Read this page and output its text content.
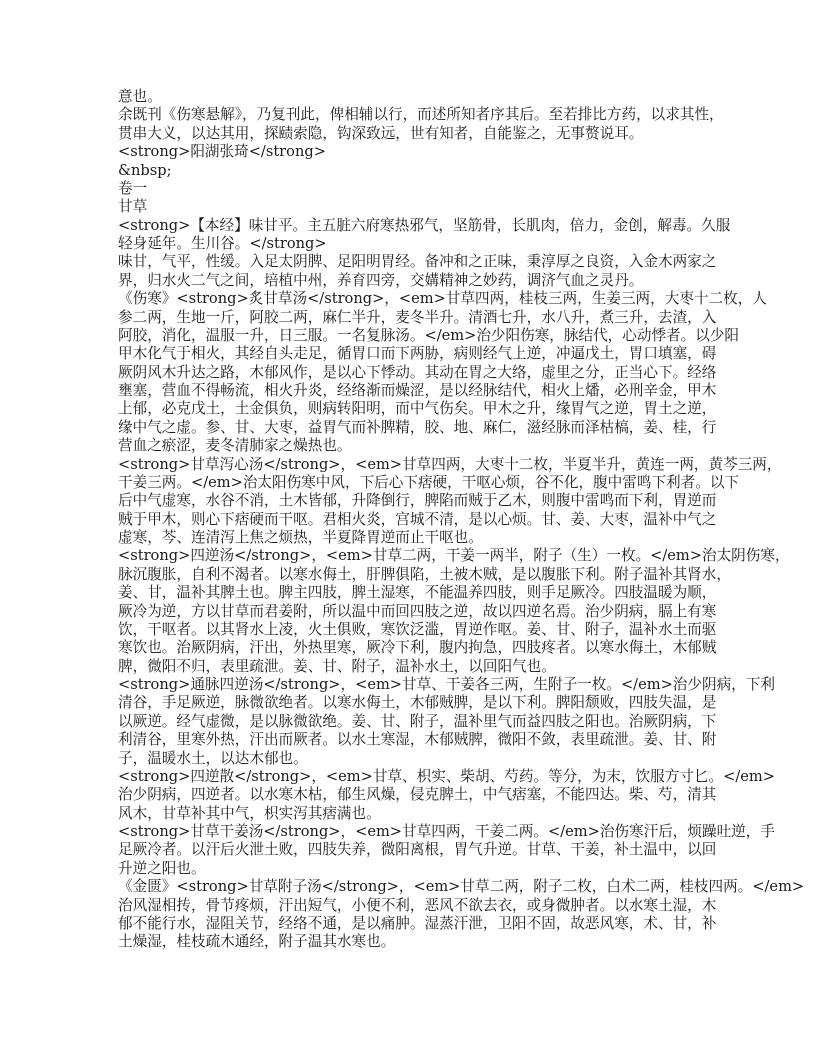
意也。
余既刊《伤寒悬解》，乃复刊此，俾相辅以行，而述所知者序其后。至若排比方药，以求其性，
贯串大义，以达其用，探赜索隐，钩深致远，世有知者，自能鉴之，无事赘说耳。
<strong>阳湖张琦</strong>
&nbsp;
卷一
甘草
<strong>【本经】味甘平。主五脏六府寒热邪气，坚筋骨，长肌肉，倍力，金创，解毒。久服
轻身延年。生川谷。</strong>
味甘，气平，性缓。入足太阴脾、足阳明胃经。备冲和之正味，秉淳厚之良资，入金木两家之
界，归水火二气之间，培植中州，养育四旁，交媾精神之妙药，调济气血之灵丹。
《伤寒》<strong>炙甘草汤</strong>，<em>甘草四两，桂枝三两，生姜三两，大枣十二枚，人
参二两，生地一斤，阿胶二两，麻仁半升，麦冬半升。清酒七升，水八升，煮三升，去渣，入
阿胶，消化，温服一升，日三服。一名复脉汤。</em>治少阳伤寒，脉结代，心动悸者。以少阳
甲木化气于相火，其经自头走足，循胃口而下两胁，病则经气上逆，冲逼戊土，胃口填塞，碍
厥阴风木升达之路，木郁风作，是以心下悸动。其动在胃之大络，虚里之分，正当心下。经络
壅塞，营血不得畅流，相火升炎，经络渐而燥涩，是以经脉结代，相火上燔，必刑辛金，甲木
上郁，必克戊土，土金俱负，则病转阳明，而中气伤矣。甲木之升，缘胃气之逆，胃土之逆，
缘中气之虚。参、甘、大枣，益胃气而补脾精，胶、地、麻仁，滋经脉而泽枯槁，姜、桂，行
营血之瘀涩，麦冬清肺家之燥热也。
<strong>甘草泻心汤</strong>，<em>甘草四两，大枣十二枚，半夏半升，黄连一两，黄芩三两，
干姜三两。</em>治太阳伤寒中风，下后心下痞硬，干呕心烦，谷不化，腹中雷鸣下利者。以下
后中气虚寒，水谷不消，土木皆郁，升降倒行，脾陷而贼于乙木，则腹中雷鸣而下利，胃逆而
贼于甲木，则心下痞硬而干呕。君相火炎，宫城不清，是以心烦。甘、姜、大枣，温补中气之
虚寒，芩、连清泻上焦之烦热，半夏降胃逆而止干呕也。
<strong>四逆汤</strong>，<em>甘草二两，干姜一两半，附子（生）一枚。</em>治太阴伤寒，
脉沉腹胀，自利不渴者。以寒水侮土，肝脾俱陷，土被木贼，是以腹胀下利。附子温补其肾水，
姜、甘，温补其脾土也。脾主四肢，脾土湿寒，不能温养四肢，则手足厥冷。四肢温暖为顺，
厥冷为逆，方以甘草而君姜附，所以温中而回四肢之逆，故以四逆名焉。治少阴病，膈上有寒
饮，干呕者。以其肾水上凌，火土俱败，寒饮泛滥，胃逆作呕。姜、甘、附子，温补水土而驱
寒饮也。治厥阴病，汗出，外热里寒，厥冷下利，腹内拘急，四肢疼者。以寒水侮土，木郁贼
脾，微阳不归，表里疏泄。姜、甘、附子，温补水土，以回阳气也。
<strong>通脉四逆汤</strong>，<em>甘草、干姜各三两，生附子一枚。</em>治少阴病，下利
清谷，手足厥逆，脉微欲绝者。以寒水侮土，木郁贼脾，是以下利。脾阳颓败，四肢失温，是
以厥逆。经气虚微，是以脉微欲绝。姜、甘、附子，温补里气而益四肢之阳也。治厥阴病，下
利清谷，里寒外热，汗出而厥者。以水土寒湿，木郁贼脾，微阳不敛，表里疏泄。姜、甘、附
子，温暖水土，以达木郁也。
<strong>四逆散</strong>，<em>甘草、枳实、柴胡、芍药。等分，为末，饮服方寸匕。</em>
治少阴病，四逆者。以水寒木枯，郁生风燥，侵克脾土，中气痞塞，不能四达。柴、芍，清其
风木，甘草补其中气，枳实泻其痞满也。
<strong>甘草干姜汤</strong>，<em>甘草四两，干姜二两。</em>治伤寒汗后，烦躁吐逆，手
足厥冷者。以汗后火泄土败，四肢失养，微阳离根，胃气升逆。甘草、干姜，补土温中，以回
升逆之阳也。
《金匮》<strong>甘草附子汤</strong>，<em>甘草二两，附子二枚，白术二两，桂枝四两。</em>
治风湿相抟，骨节疼烦，汗出短气，小便不利，恶风不欲去衣，或身微肿者。以水寒土湿，木
郁不能行水，湿阻关节，经络不通，是以痛肿。湿蒸汗泄，卫阳不固，故恶风寒，术、甘，补
土燥湿，桂枝疏木通经，附子温其水寒也。
